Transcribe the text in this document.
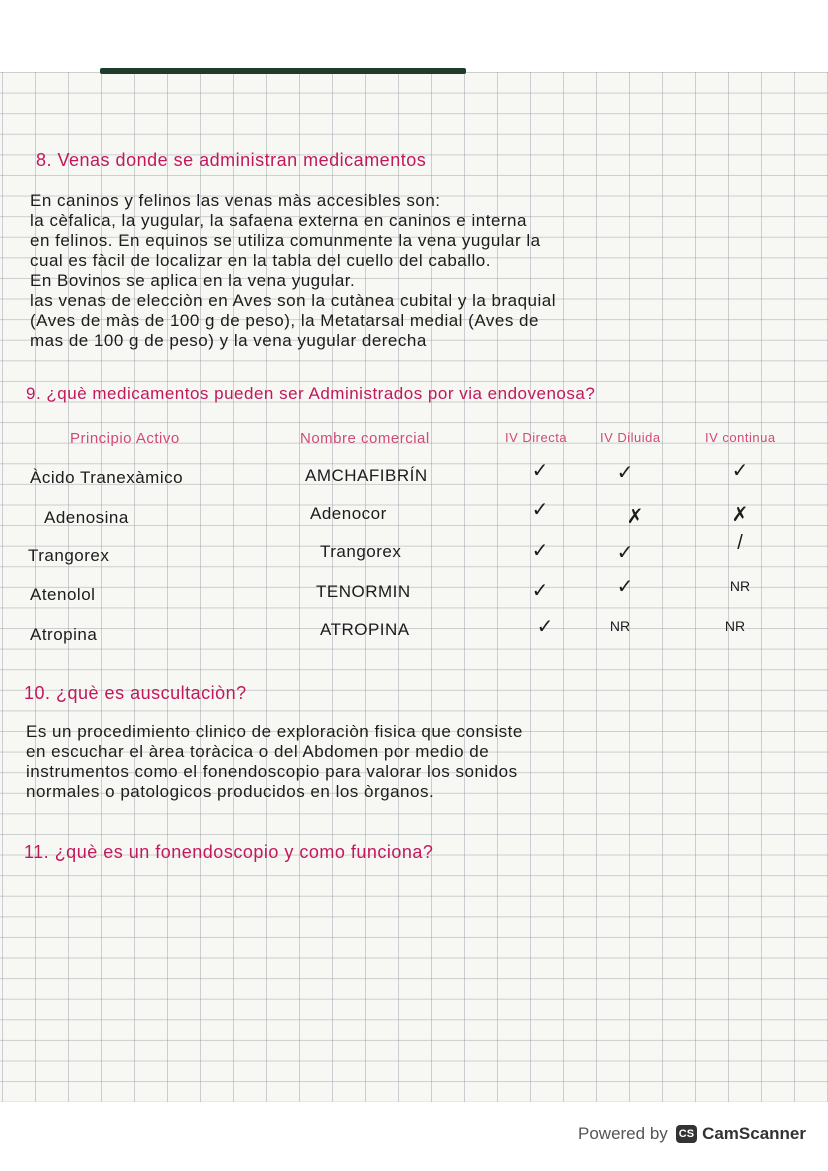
8. Venas donde se administran medicamentos
En caninos y felinos las venas màs accesibles son:
la cèfalica, la yugular, la safaena externa en caninos e interna
en felinos. En equinos se utiliza comunmente la vena yugular la
cual es fàcil de localizar en la tabla del cuello del caballo.
En Bovinos se aplica en la vena yugular.
las venas de elecciòn en Aves son la cutànea cubital y la braquial
(Aves de màs de 100 g de peso), la Metatarsal medial (Aves de
mas de 100 g de peso) y la vena yugular derecha
9. ¿què medicamentos pueden ser Administrados por via endovenosa?
Principio Activo	Nombre comercial	IV Directa	IV Diluida	IV continua
Àcido Tranexàmico	AMCHAFIBRÍN	✓	✓	✓
Adenosina	Adenocor	✓	✗	✗
Trangorex	Trangorex	✓	✓	/
Atenolol	TENORMIN	✓	✓	NR
Atropina	ATROPINA	✓	NR	NR
10. ¿què es auscultaciòn?
Es un procedimiento clinico de exploraciòn fisica que consiste
en escuchar el àrea toràcica o del Abdomen por medio de
instrumentos como el fonendoscopio para valorar los sonidos
normales o patologicos producidos en los òrganos.
11. ¿què es un fonendoscopio y como funciona?
Powered by CS CamScanner
